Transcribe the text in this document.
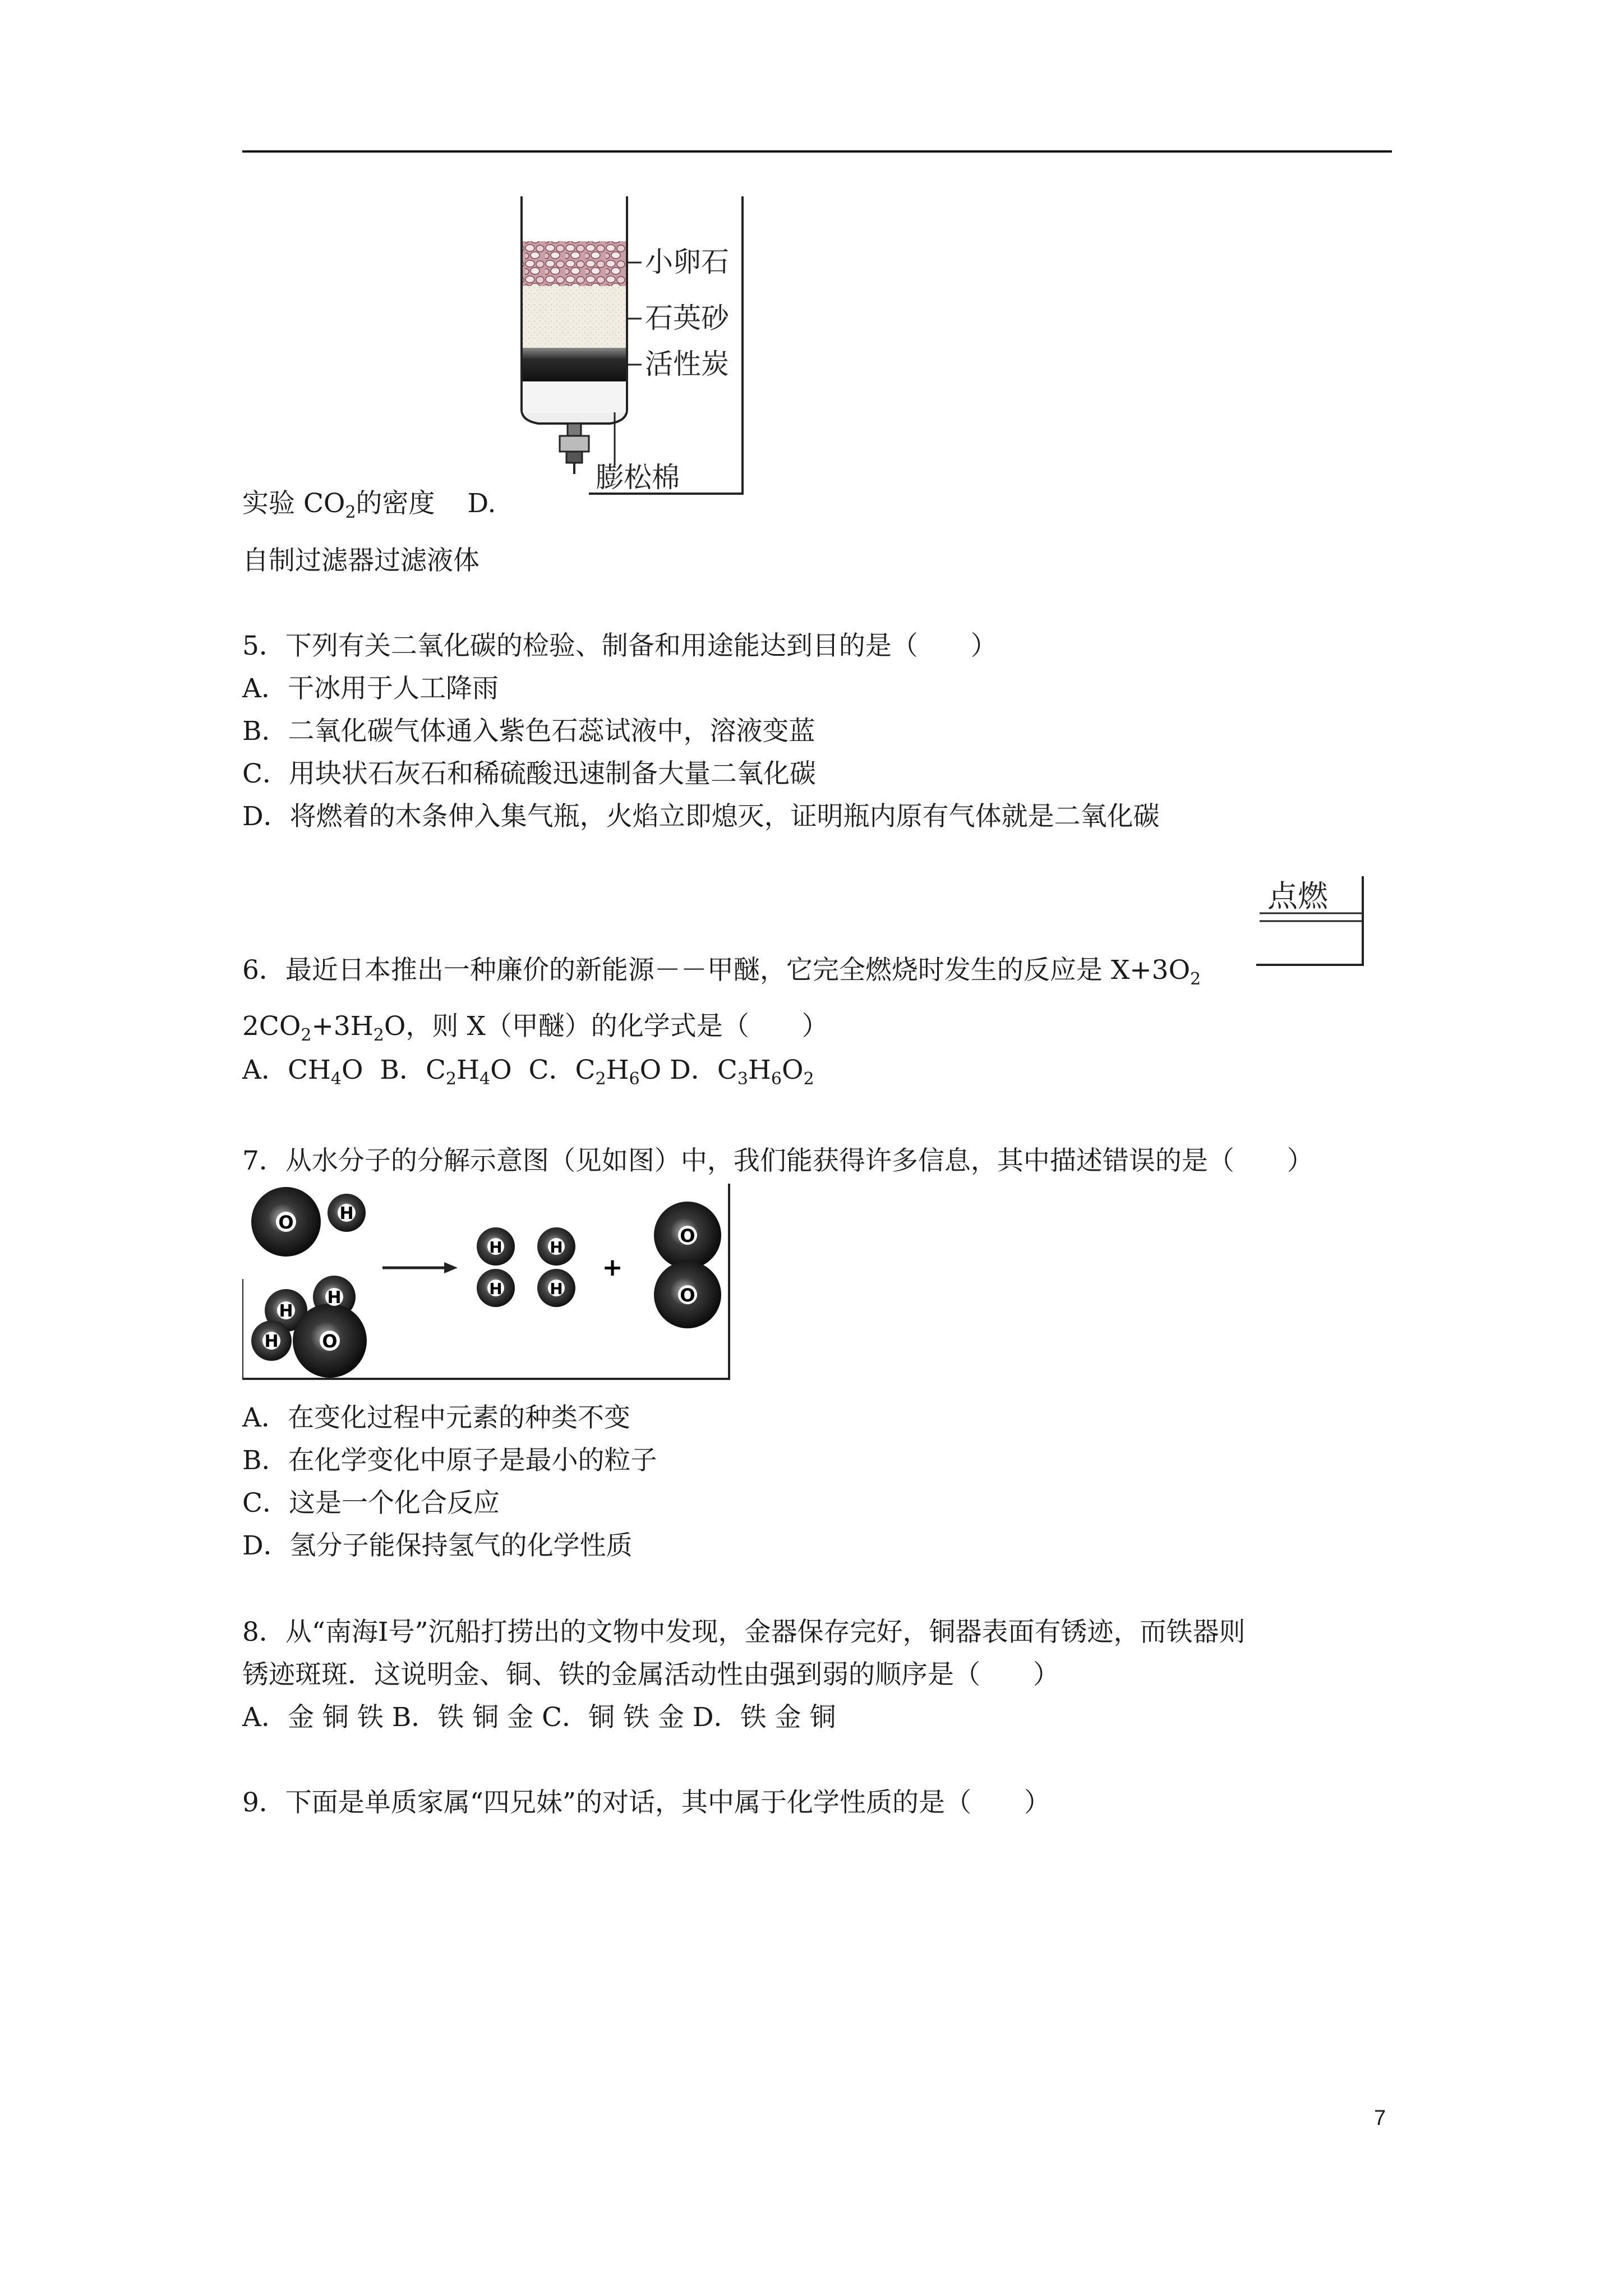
小卵石
石英砂
活性炭
膨松棉
实验 $CO_2$的密度 D.
自制过滤器过滤液体
5．下列有关二氧化碳的检验、制备和用途能达到目的是（　　）
A．干冰用于人工降雨
B．二氧化碳气体通入紫色石蕊试液中，溶液变蓝
C．用块状石灰石和稀硫酸迅速制备大量二氧化碳
D．将燃着的木条伸入集气瓶，火焰立即熄灭，证明瓶内原有气体就是二氧化碳
点燃
6．最近日本推出一种廉价的新能源－－甲醚，它完全燃烧时发生的反应是 $X+3O_2$
$2CO_2+3H_2O$，则 X（甲醚）的化学式是（　　）
A．$CH_4O$ B．$C_2H_4O$ C．$C_2H_6O$ D．$C_3H_6O_2$
7．从水分子的分解示意图（见如图）中，我们能获得许多信息，其中描述错误的是（　　）
O	H
H
H
O
H
H
H
H
H
+
O
O
A．在变化过程中元素的种类不变
B．在化学变化中原子是最小的粒子
C．这是一个化合反应
D．氢分子能保持氢气的化学性质
8．从“南海Ⅰ号”沉船打捞出的文物中发现，金器保存完好，铜器表面有锈迹，而铁器则
锈迹斑斑．这说明金、铜、铁的金属活动性由强到弱的顺序是（　　）
A．金 铜 铁 B．铁 铜 金 C．铜 铁 金 D．铁 金 铜
9．下面是单质家属“四兄妹”的对话，其中属于化学性质的是（　　）
7
